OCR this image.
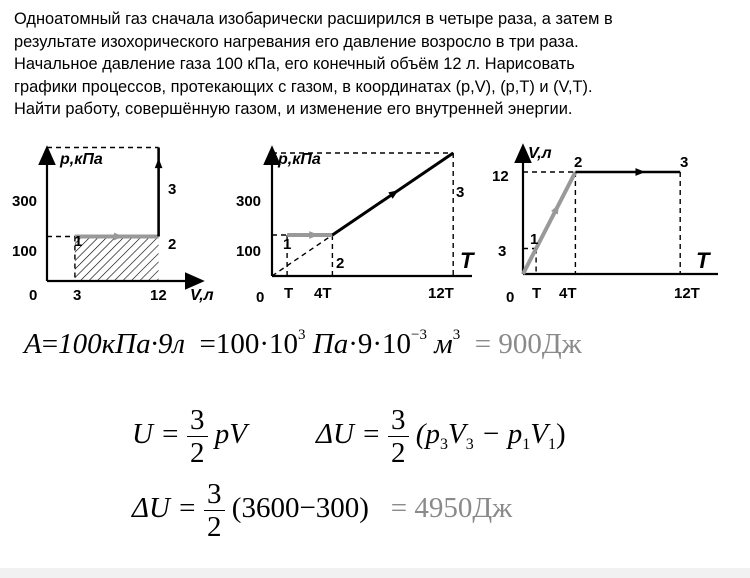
Одноатомный газ сначала изобарически расширился в четыре раза, а затем в
результате изохорического нагревания его давление возросло в три раза.
Начальное давление газа 100 кПа, его конечный объём 12 л. Нарисовать
графики процессов, протекающих с газом, в координатах (р,V), (р,Т) и (V,Т).
Найти работу, совершённую газом, и изменение его внутренней энергии.
р,кПа
V,л
0
300
100
3	12
1	2
3
р,кПа
T
0
300
100
T 4T	12T
1
2
3
V,л
T
0
12
3
T 4T	12T
1
2	3
$A=100кПа\cdot 9л =100\cdot 10^3$ $Па\cdot 9\cdot 10^{-3}$ $м^3 = 900Дж$
$U = \frac{3}{2}$ pV $\Delta U = \frac{3}{2} (p_3V_3 - p_1V_1)$
$\Delta U = \frac{3}{2} (3600-300) = 4950Дж$
